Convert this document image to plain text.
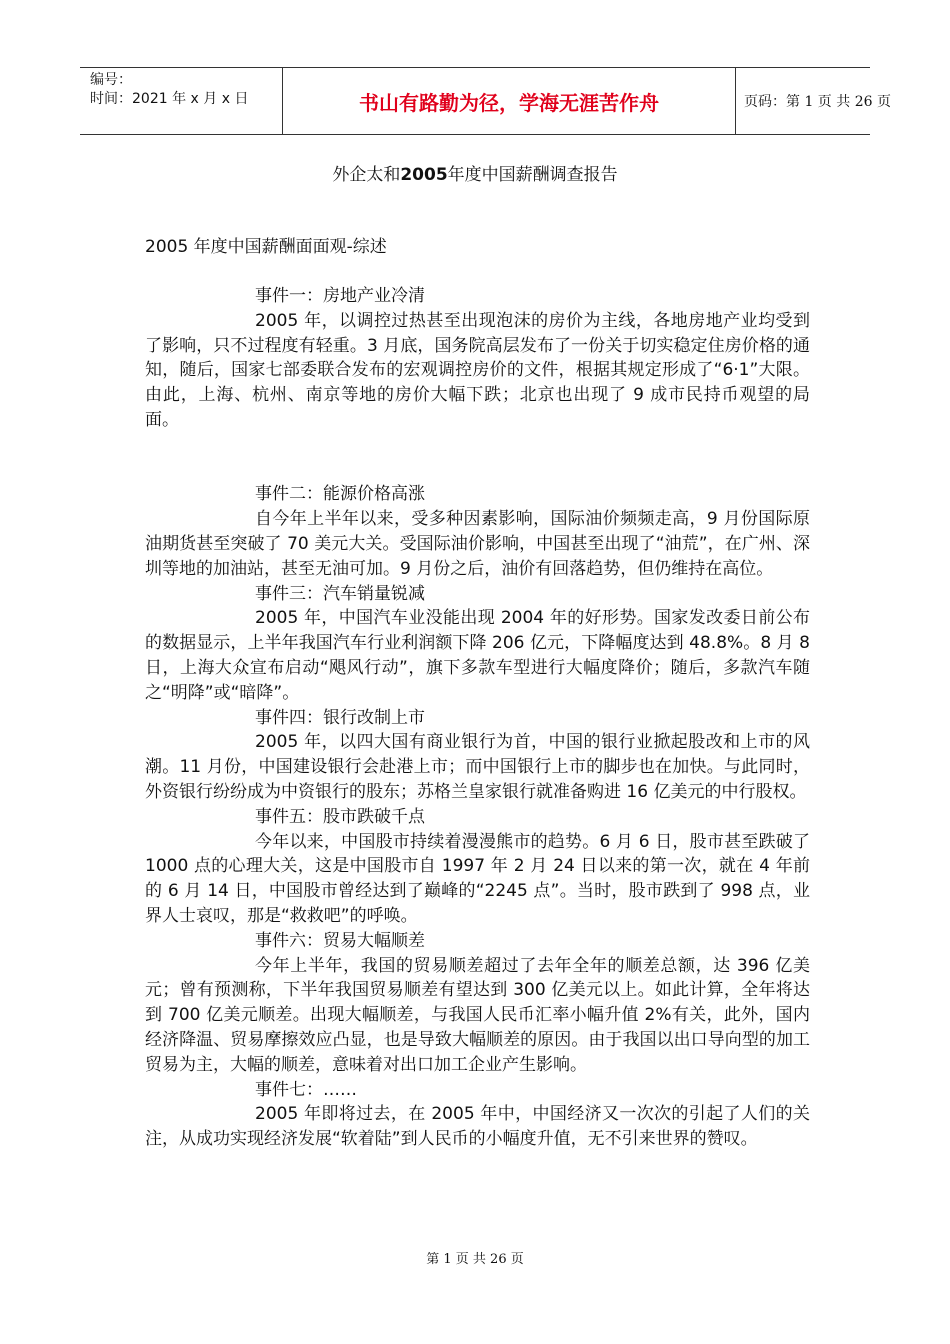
编号：
时间：2021 年 x 月 x 日	书山有路勤为径，学海无涯苦作舟	页码：第 1 页 共 26 页
外企太和2005年度中国薪酬调查报告
2005 年度中国薪酬面面观-综述

事件一：房地产业冷清

2005 年，以调控过热甚至出现泡沫的房价为主线，各地房地产业均受到了影响，只不过程度有轻重。3 月底，国务院高层发布了一份关于切实稳定住房价格的通知，随后，国家七部委联合发布的宏观调控房价的文件，根据其规定形成了“6·1”大限。由此，上海、杭州、南京等地的房价大幅下跌；北京也出现了 9 成市民持币观望的局面。

事件二：能源价格高涨

自今年上半年以来，受多种因素影响，国际油价频频走高，9 月份国际原油期货甚至突破了 70 美元大关。受国际油价影响，中国甚至出现了“油荒”，在广州、深圳等地的加油站，甚至无油可加。9 月份之后，油价有回落趋势，但仍维持在高位。

事件三：汽车销量锐减

2005 年，中国汽车业没能出现 2004 年的好形势。国家发改委日前公布的数据显示，上半年我国汽车行业利润额下降 206 亿元，下降幅度达到 48.8%。8 月 8 日，上海大众宣布启动“飓风行动”，旗下多款车型进行大幅度降价；随后，多款汽车随之“明降”或“暗降”。

事件四：银行改制上市

2005 年，以四大国有商业银行为首，中国的银行业掀起股改和上市的风潮。11 月份，中国建设银行会赴港上市；而中国银行上市的脚步也在加快。与此同时，外资银行纷纷成为中资银行的股东；苏格兰皇家银行就准备购进 16 亿美元的中行股权。

事件五：股市跌破千点

今年以来，中国股市持续着漫漫熊市的趋势。6 月 6 日，股市甚至跌破了 1000 点的心理大关，这是中国股市自 1997 年 2 月 24 日以来的第一次，就在 4 年前的 6 月 14 日，中国股市曾经达到了巅峰的“2245 点”。当时，股市跌到了 998 点，业界人士哀叹，那是“救救吧”的呼唤。

事件六：贸易大幅顺差

今年上半年，我国的贸易顺差超过了去年全年的顺差总额，达 396 亿美元；曾有预测称，下半年我国贸易顺差有望达到 300 亿美元以上。如此计算，全年将达到 700 亿美元顺差。出现大幅顺差，与我国人民币汇率小幅升值 2%有关，此外，国内经济降温、贸易摩擦效应凸显，也是导致大幅顺差的原因。由于我国以出口导向型的加工贸易为主，大幅的顺差，意味着对出口加工企业产生影响。

事件七：……

2005 年即将过去，在 2005 年中，中国经济又一次次的引起了人们的关注，从成功实现经济发展“软着陆”到人民币的小幅度升值，无不引来世界的赞叹。

第 1 页 共 26 页
